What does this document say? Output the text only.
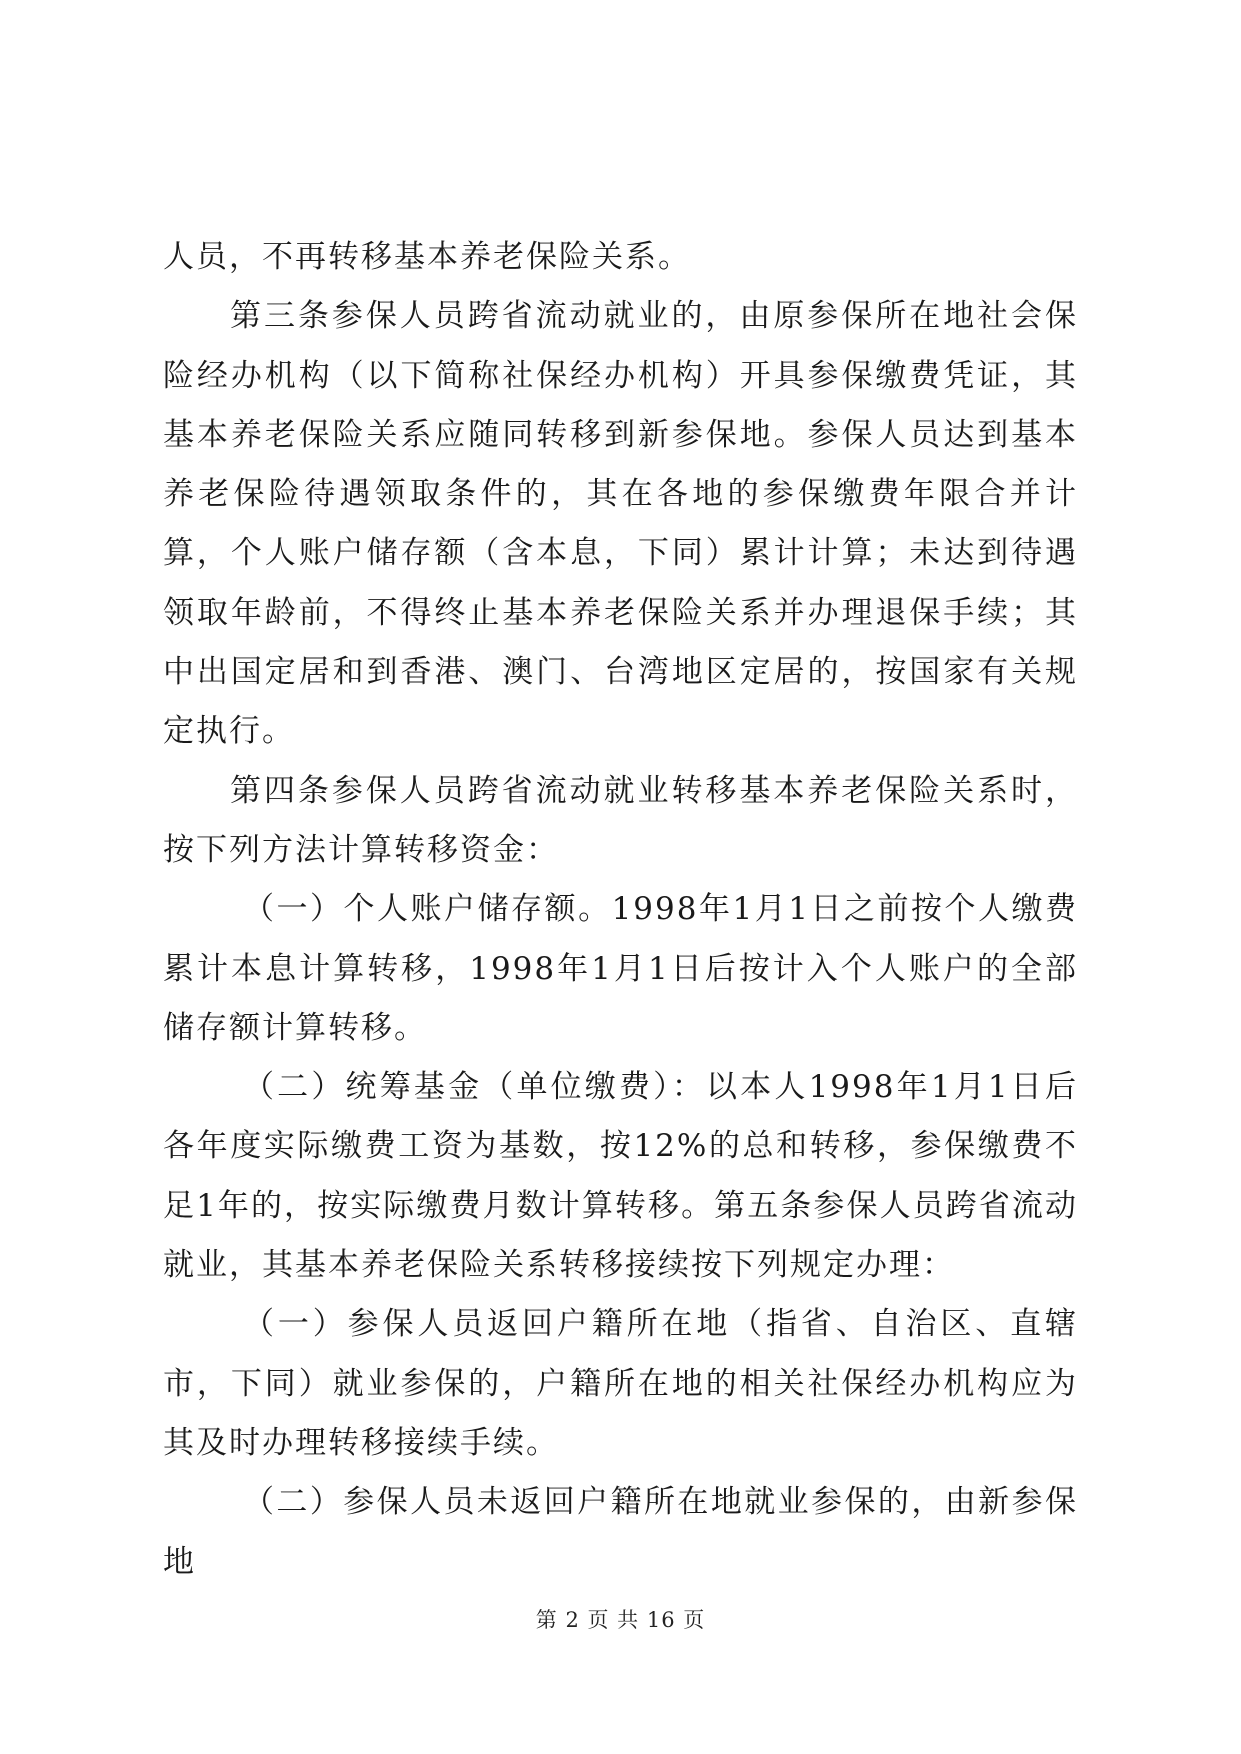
人员，不再转移基本养老保险关系。

第三条参保人员跨省流动就业的，由原参保所在地社会保险经办机构（以下简称社保经办机构）开具参保缴费凭证，其基本养老保险关系应随同转移到新参保地。参保人员达到基本养老保险待遇领取条件的，其在各地的参保缴费年限合并计算，个人账户储存额（含本息，下同）累计计算；未达到待遇领取年龄前，不得终止基本养老保险关系并办理退保手续；其中出国定居和到香港、澳门、台湾地区定居的，按国家有关规定执行。

第四条参保人员跨省流动就业转移基本养老保险关系时，按下列方法计算转移资金：

（一）个人账户储存额。1998年1月1日之前按个人缴费累计本息计算转移，1998年1月1日后按计入个人账户的全部储存额计算转移。

（二）统筹基金（单位缴费）：以本人1998年1月1日后各年度实际缴费工资为基数，按12%的总和转移，参保缴费不足1年的，按实际缴费月数计算转移。第五条参保人员跨省流动就业，其基本养老保险关系转移接续按下列规定办理：

（一）参保人员返回户籍所在地（指省、自治区、直辖市，下同）就业参保的，户籍所在地的相关社保经办机构应为其及时办理转移接续手续。

（二）参保人员未返回户籍所在地就业参保的，由新参保地

第 2 页 共 16 页
